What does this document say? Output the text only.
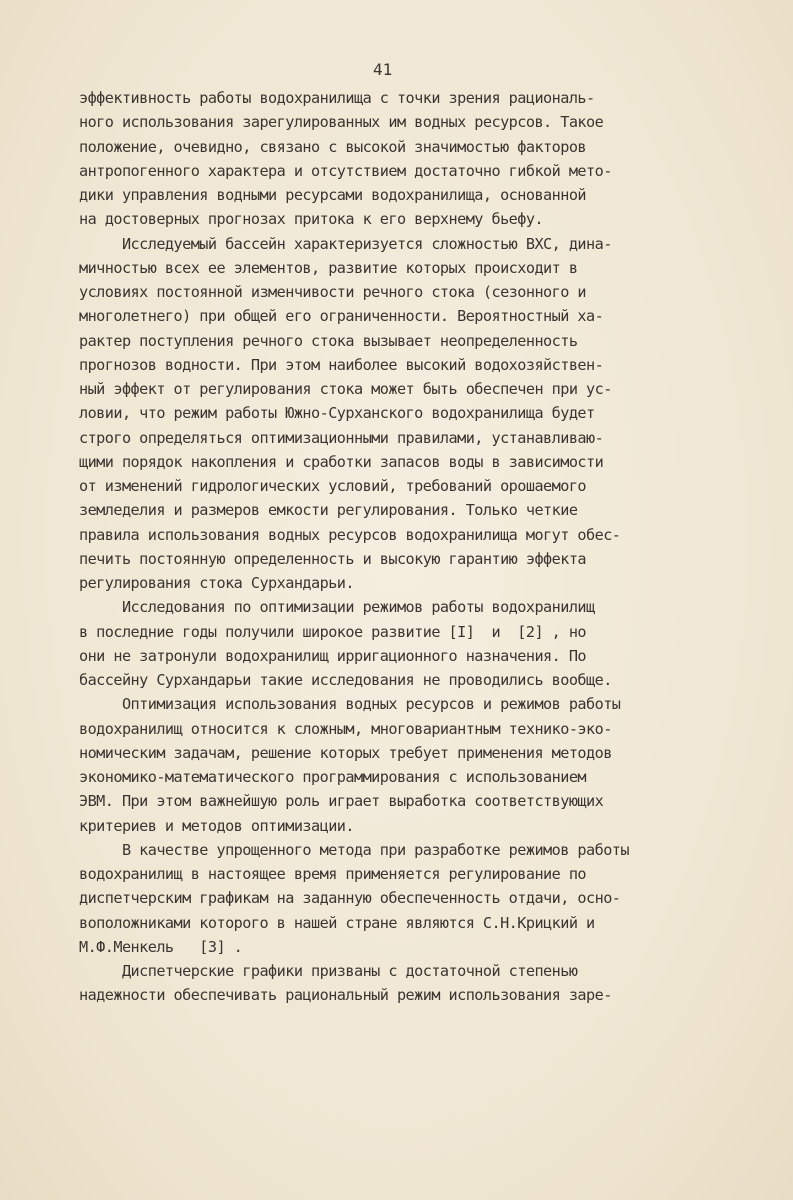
41
эффективность работы водохранилища с точки зрения рациональ-
ного использования зарегулированных им водных ресурсов. Такое
положение, очевидно, связано с высокой значимостью факторов
антропогенного характера и отсутствием достаточно гибкой мето-
дики управления водными ресурсами водохранилища, основанной
на достоверных прогнозах притока к его верхнему бьефу.
Исследуемый бассейн характеризуется сложностью ВХС, дина-
мичностью всех ее элементов, развитие которых происходит в
условиях постоянной изменчивости речного стока (сезонного и
многолетнего) при общей его ограниченности. Вероятностный ха-
рактер поступления речного стока вызывает неопределенность
прогнозов водности. При этом наиболее высокий водохозяйствен-
ный эффект от регулирования стока может быть обеспечен при ус-
ловии, что режим работы Южно-Сурханского водохранилища будет
строго определяться оптимизационными правилами, устанавливаю-
щими порядок накопления и сработки запасов воды в зависимости
от изменений гидрологических условий, требований орошаемого
земледелия и размеров емкости регулирования. Только четкие
правила использования водных ресурсов водохранилища могут обес-
печить постоянную определенность и высокую гарантию эффекта
регулирования стока Сурхандарьи.
Исследования по оптимизации режимов работы водохранилищ
в последние годы получили широкое развитие [I]  и  [2] , но
они не затронули водохранилищ ирригационного назначения. По
бассейну Сурхандарьи такие исследования не проводились вообще.
Оптимизация использования водных ресурсов и режимов работы
водохранилищ относится к сложным, многовариантным технико-эко-
номическим задачам, решение которых требует применения методов
экономико-математического программирования с использованием
ЭВМ. При этом важнейшую роль играет выработка соответствующих
критериев и методов оптимизации.
В качестве упрощенного метода при разработке режимов работы
водохранилищ в настоящее время применяется регулирование по
диспетчерским графикам на заданную обеспеченность отдачи, осно-
воположниками которого в нашей стране являются С.Н.Крицкий и
М.Ф.Менкель   [3] .
Диспетчерские графики призваны с достаточной степенью
надежности обеспечивать рациональный режим использования заре-
